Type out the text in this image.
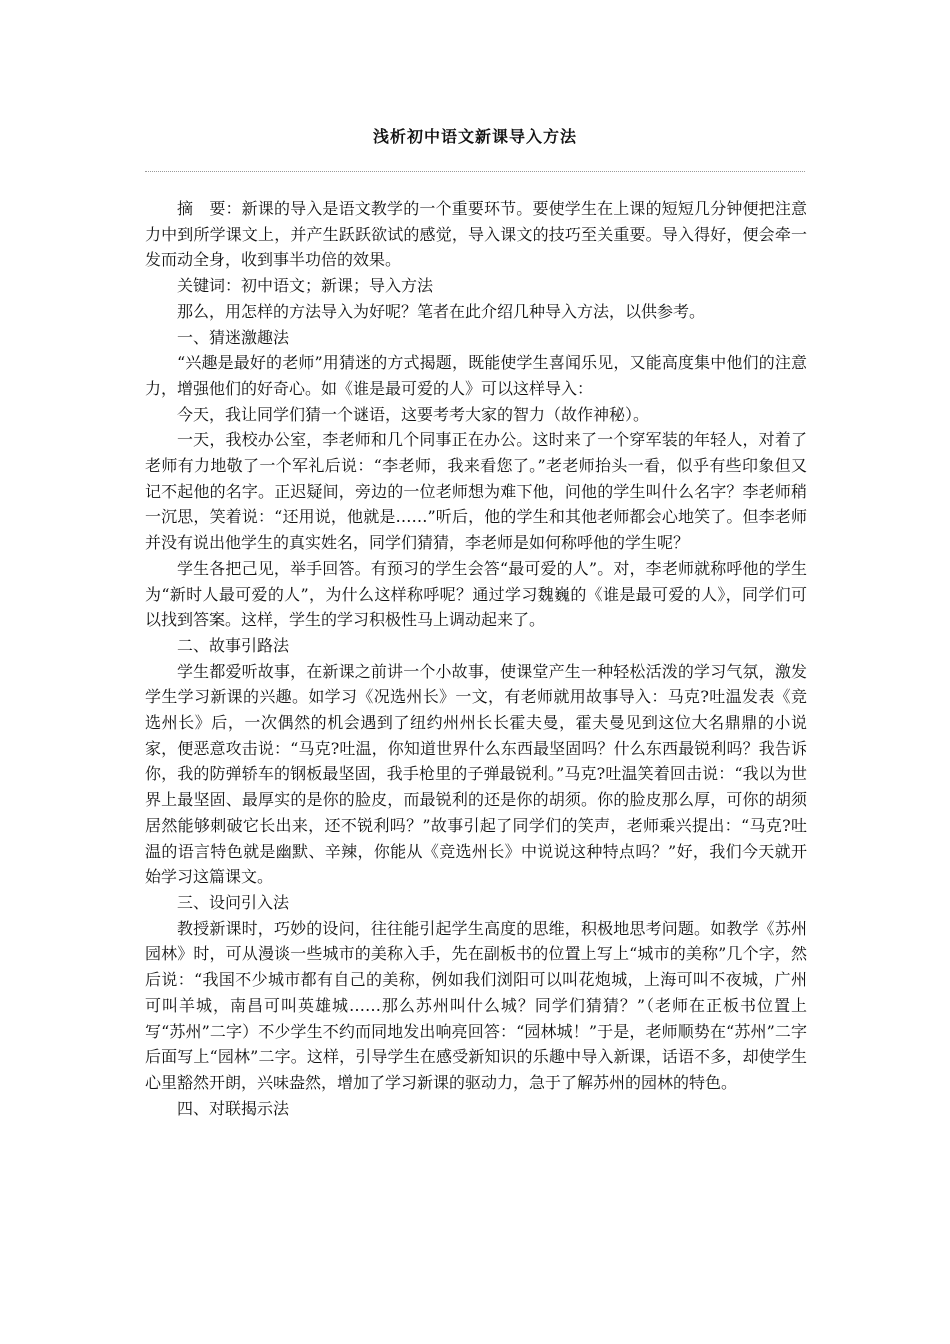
浅析初中语文新课导入方法

摘　要：新课的导入是语文教学的一个重要环节。要使学生在上课的短短几分钟便把注意力中到所学课文上，并产生跃跃欲试的感觉，导入课文的技巧至关重要。导入得好，便会牵一发而动全身，收到事半功倍的效果。

关键词：初中语文；新课；导入方法

那么，用怎样的方法导入为好呢？笔者在此介绍几种导入方法，以供参考。

一、猜迷激趣法

“兴趣是最好的老师”用猜迷的方式揭题，既能使学生喜闻乐见，又能高度集中他们的注意力，增强他们的好奇心。如《谁是最可爱的人》可以这样导入：

今天，我让同学们猜一个谜语，这要考考大家的智力（故作神秘）。

一天，我校办公室，李老师和几个同事正在办公。这时来了一个穿军装的年轻人，对着了老师有力地敬了一个军礼后说：“李老师，我来看您了。”老老师抬头一看，似乎有些印象但又记不起他的名字。正迟疑间，旁边的一位老师想为难下他，问他的学生叫什么名字？李老师稍一沉思，笑着说：“还用说，他就是……”听后，他的学生和其他老师都会心地笑了。但李老师并没有说出他学生的真实姓名，同学们猜猜，李老师是如何称呼他的学生呢？

学生各把己见，举手回答。有预习的学生会答“最可爱的人”。对，李老师就称呼他的学生为“新时人最可爱的人”，为什么这样称呼呢？通过学习魏巍的《谁是最可爱的人》，同学们可以找到答案。这样，学生的学习积极性马上调动起来了。

二、故事引路法

学生都爱听故事，在新课之前讲一个小故事，使课堂产生一种轻松活泼的学习气氛，激发学生学习新课的兴趣。如学习《况选州长》一文，有老师就用故事导入：马克?吐温发表《竞选州长》后，一次偶然的机会遇到了纽约州州长长霍夫曼，霍夫曼见到这位大名鼎鼎的小说家，便恶意攻击说：“马克?吐温，你知道世界什么东西最坚固吗？什么东西最锐利吗？我告诉你，我的防弹轿车的钢板最坚固，我手枪里的子弹最锐利。”马克?吐温笑着回击说：“我以为世界上最坚固、最厚实的是你的脸皮，而最锐利的还是你的胡须。你的脸皮那么厚，可你的胡须居然能够刺破它长出来，还不锐利吗？”故事引起了同学们的笑声，老师乘兴提出：“马克?吐温的语言特色就是幽默、辛辣，你能从《竞选州长》中说说这种特点吗？”好，我们今天就开始学习这篇课文。

三、设问引入法

教授新课时，巧妙的设问，往往能引起学生高度的思维，积极地思考问题。如教学《苏州园林》时，可从漫谈一些城市的美称入手，先在副板书的位置上写上“城市的美称”几个字，然后说：“我国不少城市都有自己的美称，例如我们浏阳可以叫花炮城，上海可叫不夜城，广州可叫羊城，南昌可叫英雄城……那么苏州叫什么城？同学们猜猜？”（老师在正板书位置上写“苏州”二字）不少学生不约而同地发出响亮回答：“园林城！”于是，老师顺势在“苏州”二字后面写上“园林”二字。这样，引导学生在感受新知识的乐趣中导入新课，话语不多，却使学生心里豁然开朗，兴味盎然，增加了学习新课的驱动力，急于了解苏州的园林的特色。

四、对联揭示法
